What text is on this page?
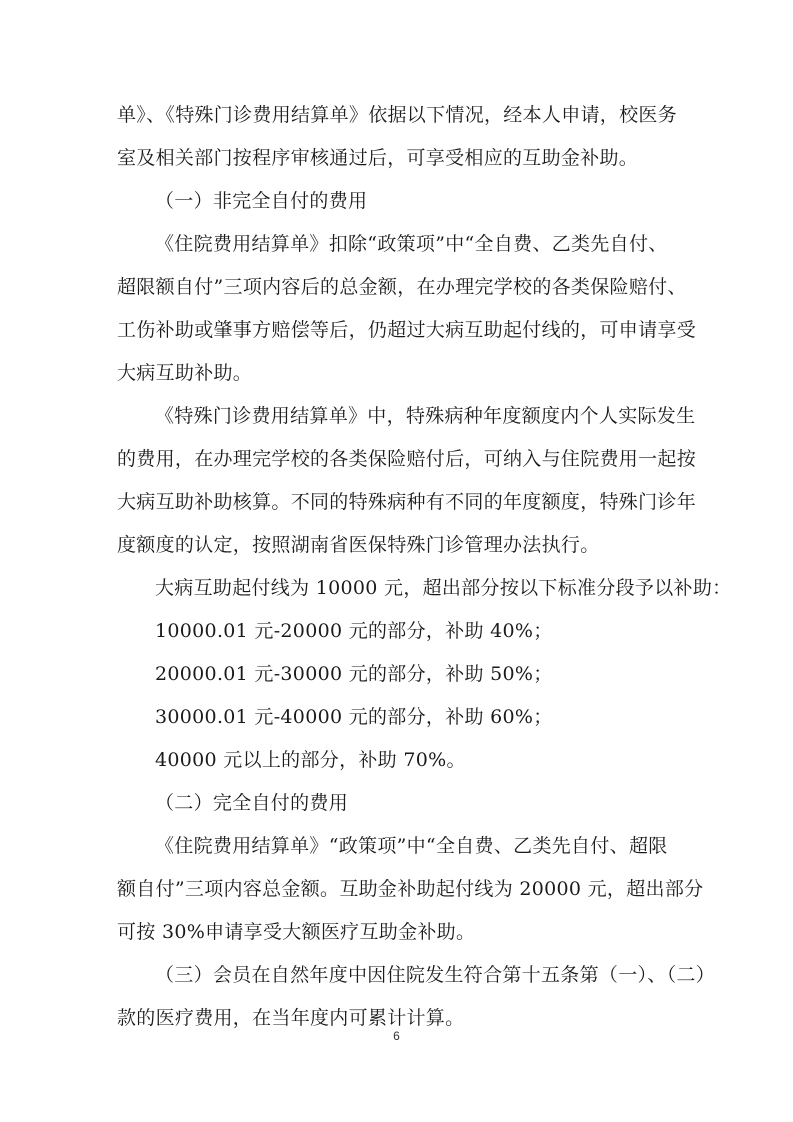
单》、《特殊门诊费用结算单》依据以下情况，经本人申请，校医务
室及相关部门按程序审核通过后，可享受相应的互助金补助。
（一）非完全自付的费用
《住院费用结算单》扣除“政策项”中“全自费、乙类先自付、
超限额自付”三项内容后的总金额，在办理完学校的各类保险赔付、
工伤补助或肇事方赔偿等后，仍超过大病互助起付线的，可申请享受
大病互助补助。
《特殊门诊费用结算单》中，特殊病种年度额度内个人实际发生
的费用，在办理完学校的各类保险赔付后，可纳入与住院费用一起按
大病互助补助核算。不同的特殊病种有不同的年度额度，特殊门诊年
度额度的认定，按照湖南省医保特殊门诊管理办法执行。
大病互助起付线为 10000 元，超出部分按以下标准分段予以补助：
10000.01 元-20000 元的部分，补助 40%；
20000.01 元-30000 元的部分，补助 50%；
30000.01 元-40000 元的部分，补助 60%；
40000 元以上的部分，补助 70%。
（二）完全自付的费用
《住院费用结算单》“政策项”中“全自费、乙类先自付、超限
额自付”三项内容总金额。互助金补助起付线为 20000 元，超出部分
可按 30%申请享受大额医疗互助金补助。
（三）会员在自然年度中因住院发生符合第十五条第（一）、（二）
款的医疗费用，在当年度内可累计计算。
6
